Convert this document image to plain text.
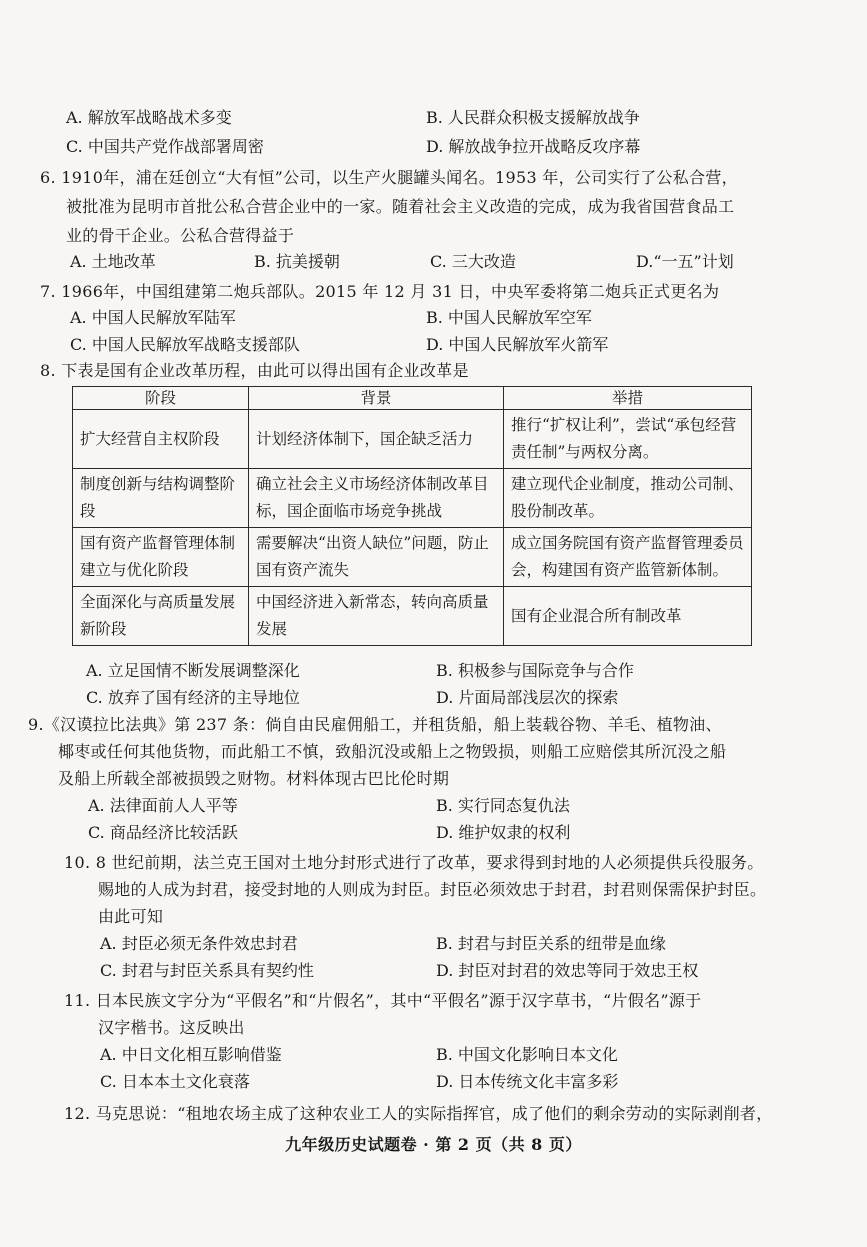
A. 解放军战略战术多变	B. 人民群众积极支援解放战争
C. 中国共产党作战部署周密	D. 解放战争拉开战略反攻序幕
6. 1910年，浦在廷创立“大有恒”公司，以生产火腿罐头闻名。1953 年，公司实行了公私合营，
被批准为昆明市首批公私合营企业中的一家。随着社会主义改造的完成，成为我省国营食品工
业的骨干企业。公私合营得益于
A. 土地改革	B. 抗美援朝	C. 三大改造	D.“一五”计划
7. 1966年，中国组建第二炮兵部队。2015 年 12 月 31 日，中央军委将第二炮兵正式更名为
A. 中国人民解放军陆军	B. 中国人民解放军空军
C. 中国人民解放军战略支援部队	D. 中国人民解放军火箭军
8. 下表是国有企业改革历程，由此可以得出国有企业改革是
阶段	背景	举措
扩大经营自主权阶段	计划经济体制下，国企缺乏活力	推行“扩权让利”，尝试“承包经营责任制”与两权分离。
制度创新与结构调整阶段	确立社会主义市场经济体制改革目标，国企面临市场竞争挑战	建立现代企业制度，推动公司制、股份制改革。
国有资产监督管理体制建立与优化阶段	需要解决“出资人缺位”问题，防止国有资产流失	成立国务院国有资产监督管理委员会，构建国有资产监管新体制。
全面深化与高质量发展新阶段	中国经济进入新常态，转向高质量发展	国有企业混合所有制改革
A. 立足国情不断发展调整深化	B. 积极参与国际竞争与合作
C. 放弃了国有经济的主导地位	D. 片面局部浅层次的探索
9.《汉谟拉比法典》第 237 条：倘自由民雇佣船工，并租货船，船上装载谷物、羊毛、植物油、
椰枣或任何其他货物，而此船工不慎，致船沉没或船上之物毁损，则船工应赔偿其所沉没之船
及船上所载全部被损毁之财物。材料体现古巴比伦时期
A. 法律面前人人平等	B. 实行同态复仇法
C. 商品经济比较活跃	D. 维护奴隶的权利
10. 8 世纪前期，法兰克王国对土地分封形式进行了改革，要求得到封地的人必须提供兵役服务。
赐地的人成为封君，接受封地的人则成为封臣。封臣必须效忠于封君，封君则保需保护封臣。
由此可知
A. 封臣必须无条件效忠封君	B. 封君与封臣关系的纽带是血缘
C. 封君与封臣关系具有契约性	D. 封臣对封君的效忠等同于效忠王权
11. 日本民族文字分为“平假名”和“片假名”，其中“平假名”源于汉字草书，“片假名”源于
汉字楷书。这反映出
A. 中日文化相互影响借鉴	B. 中国文化影响日本文化
C. 日本本土文化衰落	D. 日本传统文化丰富多彩
12. 马克思说：“租地农场主成了这种农业工人的实际指挥官，成了他们的剩余劳动的实际剥削者，
九年级历史试题卷 · 第 2 页（共 8 页）
